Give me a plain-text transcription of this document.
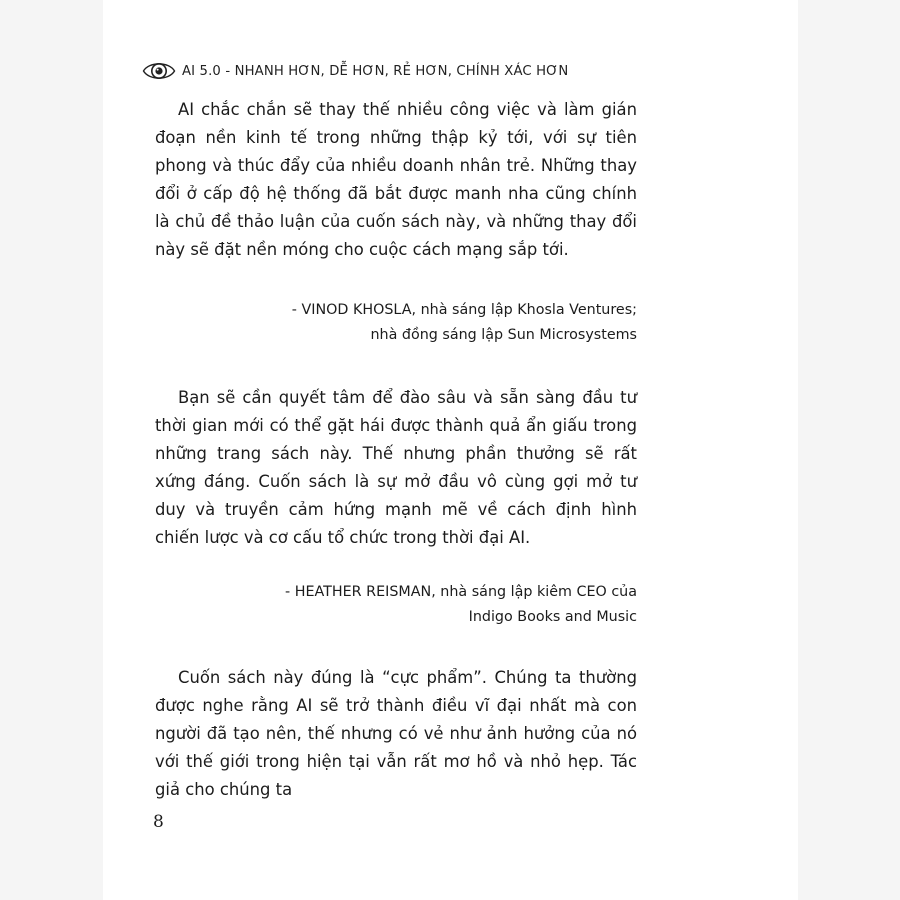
AI 5.0 - NHANH HƠN, DỄ HƠN, RẺ HƠN, CHÍNH XÁC HƠN

AI chắc chắn sẽ thay thế nhiều công việc và làm gián đoạn nền kinh tế trong những thập kỷ tới, với sự tiên phong và thúc đẩy của nhiều doanh nhân trẻ. Những thay đổi ở cấp độ hệ thống đã bắt được manh nha cũng chính là chủ đề thảo luận của cuốn sách này, và những thay đổi này sẽ đặt nền móng cho cuộc cách mạng sắp tới.

- VINOD KHOSLA, nhà sáng lập Khosla Ventures;
nhà đồng sáng lập Sun Microsystems

Bạn sẽ cần quyết tâm để đào sâu và sẵn sàng đầu tư thời gian mới có thể gặt hái được thành quả ẩn giấu trong những trang sách này. Thế nhưng phần thưởng sẽ rất xứng đáng. Cuốn sách là sự mở đầu vô cùng gợi mở tư duy và truyền cảm hứng mạnh mẽ về cách định hình chiến lược và cơ cấu tổ chức trong thời đại AI.

- HEATHER REISMAN, nhà sáng lập kiêm CEO của
Indigo Books and Music

Cuốn sách này đúng là “cực phẩm”. Chúng ta thường được nghe rằng AI sẽ trở thành điều vĩ đại nhất mà con người đã tạo nên, thế nhưng có vẻ như ảnh hưởng của nó với thế giới trong hiện tại vẫn rất mơ hồ và nhỏ hẹp. Tác giả cho chúng ta

8
